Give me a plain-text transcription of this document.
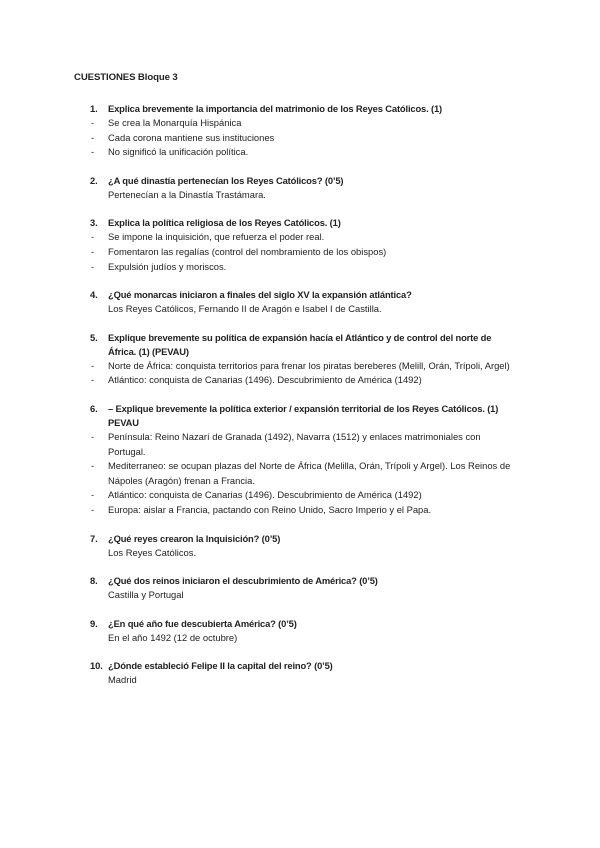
CUESTIONES Bloque 3
1. Explica brevemente la importancia del matrimonio de los Reyes Católicos. (1)
- Se crea la Monarquía Hispánica
- Cada corona mantiene sus instituciones
- No significó la unificación política.
2. ¿A qué dinastía pertenecían los Reyes Católicos? (0’5)
Pertenecían a la Dinastía Trastámara.
3. Explica la política religiosa de los Reyes Católicos. (1)
- Se impone la inquisición, que refuerza el poder real.
- Fomentaron las regalías (control del nombramiento de los obispos)
- Expulsión judíos y moriscos.
4. ¿Qué monarcas iniciaron a finales del siglo XV la expansión atlántica?
Los Reyes Católicos, Fernando II de Aragón e Isabel I de Castilla.
5. Explique brevemente su política de expansión hacía el Atlántico y de control del norte de África. (1) (PEVAU)
- Norte de África: conquista territorios para frenar los piratas bereberes (Melill, Orán, Trípoli, Argel)
- Atlántico: conquista de Canarias (1496). Descubrimiento de América (1492)
6. – Explique brevemente la política exterior / expansión territorial de los Reyes Católicos. (1) PEVAU
- Península: Reino Nazarí de Granada (1492), Navarra (1512) y enlaces matrimoniales con Portugal.
- Mediterraneo: se ocupan plazas del Norte de África (Melilla, Orán, Trípoli y Argel). Los Reinos de Nápoles (Aragón) frenan a Francia.
- Atlántico: conquista de Canarias (1496). Descubrimiento de América (1492)
- Europa: aislar a Francia, pactando con Reino Unido, Sacro Imperio y el Papa.
7. ¿Qué reyes crearon la Inquisición? (0’5)
Los Reyes Católicos.
8. ¿Qué dos reinos iniciaron el descubrimiento de América? (0’5)
Castilla y Portugal
9. ¿En qué año fue descubierta América? (0’5)
En el año 1492 (12 de octubre)
10. ¿Dónde estableció Felipe II la capital del reino? (0’5)
Madrid
